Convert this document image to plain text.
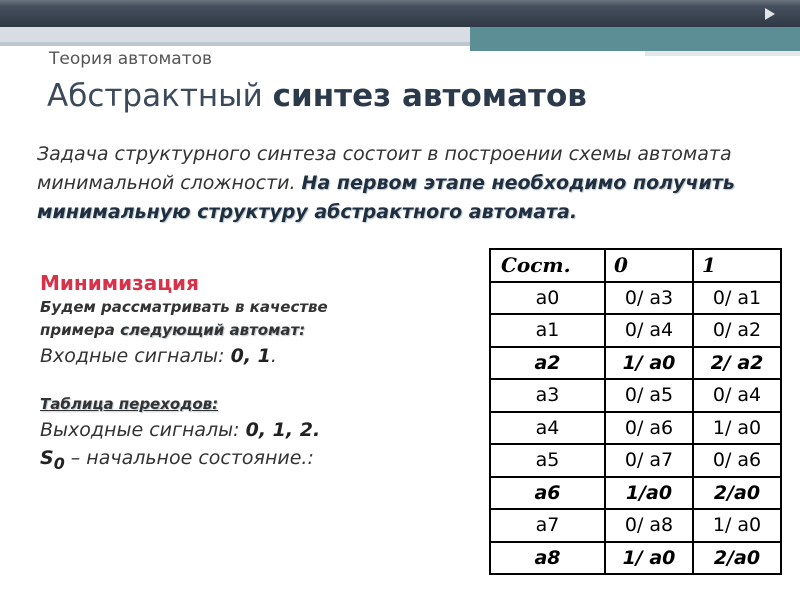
Теория автоматов
Абстрактный синтез автоматов
Задача структурного синтеза состоит в построении схемы автомата минимальной сложности. На первом этапе необходимо получить минимальную структуру абстрактного автомата.
Минимизация
Будем рассматривать в качестве
примера следующий автомат:
Входные сигналы: 0, 1.
Таблица переходов:
Выходные сигналы: 0, 1, 2.
$S_0$ – начальное состояние.:
Сост.	0	1
a0	0/ a3	0/ a1
a1	0/ a4	0/ a2
a2	1/ a0	2/ a2
a3	0/ a5	0/ a4
a4	0/ a6	1/ a0
a5	0/ a7	0/ a6
a6	1/a0	2/a0
a7	0/ a8	1/ a0
a8	1/ a0	2/a0
